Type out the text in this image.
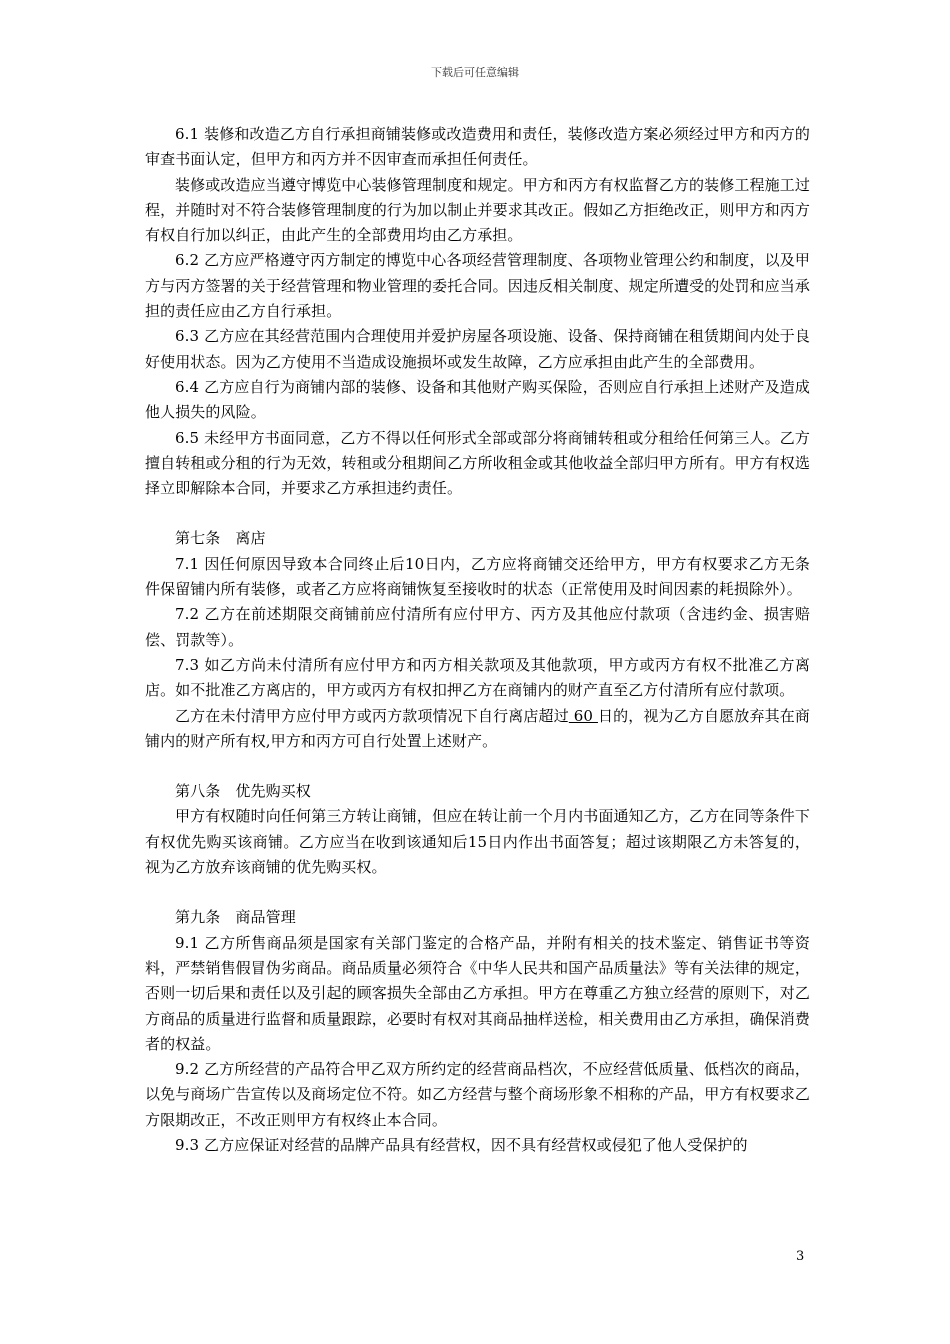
下载后可任意编辑

6.1 装修和改造乙方自行承担商铺装修或改造费用和责任，装修改造方案必须经过甲方和丙方的审查书面认定，但甲方和丙方并不因审查而承担任何责任。

装修或改造应当遵守博览中心装修管理制度和规定。甲方和丙方有权监督乙方的装修工程施工过程，并随时对不符合装修管理制度的行为加以制止并要求其改正。假如乙方拒绝改正，则甲方和丙方有权自行加以纠正，由此产生的全部费用均由乙方承担。

6.2 乙方应严格遵守丙方制定的博览中心各项经营管理制度、各项物业管理公约和制度，以及甲方与丙方签署的关于经营管理和物业管理的委托合同。因违反相关制度、规定所遭受的处罚和应当承担的责任应由乙方自行承担。

6.3 乙方应在其经营范围内合理使用并爱护房屋各项设施、设备、保持商铺在租赁期间内处于良好使用状态。因为乙方使用不当造成设施损坏或发生故障，乙方应承担由此产生的全部费用。

6.4 乙方应自行为商铺内部的装修、设备和其他财产购买保险，否则应自行承担上述财产及造成他人损失的风险。

6.5 未经甲方书面同意，乙方不得以任何形式全部或部分将商铺转租或分租给任何第三人。乙方擅自转租或分租的行为无效，转租或分租期间乙方所收租金或其他收益全部归甲方所有。甲方有权选择立即解除本合同，并要求乙方承担违约责任。

第七条　离店

7.1 因任何原因导致本合同终止后10日内，乙方应将商铺交还给甲方，甲方有权要求乙方无条件保留铺内所有装修，或者乙方应将商铺恢复至接收时的状态（正常使用及时间因素的耗损除外）。

7.2 乙方在前述期限交商铺前应付清所有应付甲方、丙方及其他应付款项（含违约金、损害赔偿、罚款等）。

7.3 如乙方尚未付清所有应付甲方和丙方相关款项及其他款项，甲方或丙方有权不批准乙方离店。如不批准乙方离店的，甲方或丙方有权扣押乙方在商铺内的财产直至乙方付清所有应付款项。

乙方在未付清甲方应付甲方或丙方款项情况下自行离店超过 60 日的，视为乙方自愿放弃其在商铺内的财产所有权,甲方和丙方可自行处置上述财产。

第八条　优先购买权

甲方有权随时向任何第三方转让商铺，但应在转让前一个月内书面通知乙方，乙方在同等条件下有权优先购买该商铺。乙方应当在收到该通知后15日内作出书面答复；超过该期限乙方未答复的，视为乙方放弃该商铺的优先购买权。

第九条　商品管理

9.1 乙方所售商品须是国家有关部门鉴定的合格产品，并附有相关的技术鉴定、销售证书等资料，严禁销售假冒伪劣商品。商品质量必须符合《中华人民共和国产品质量法》等有关法律的规定，否则一切后果和责任以及引起的顾客损失全部由乙方承担。甲方在尊重乙方独立经营的原则下，对乙方商品的质量进行监督和质量跟踪，必要时有权对其商品抽样送检，相关费用由乙方承担，确保消费者的权益。

9.2 乙方所经营的产品符合甲乙双方所约定的经营商品档次，不应经营低质量、低档次的商品，以免与商场广告宣传以及商场定位不符。如乙方经营与整个商场形象不相称的产品，甲方有权要求乙方限期改正，不改正则甲方有权终止本合同。

9.3 乙方应保证对经营的品牌产品具有经营权，因不具有经营权或侵犯了他人受保护的

3
